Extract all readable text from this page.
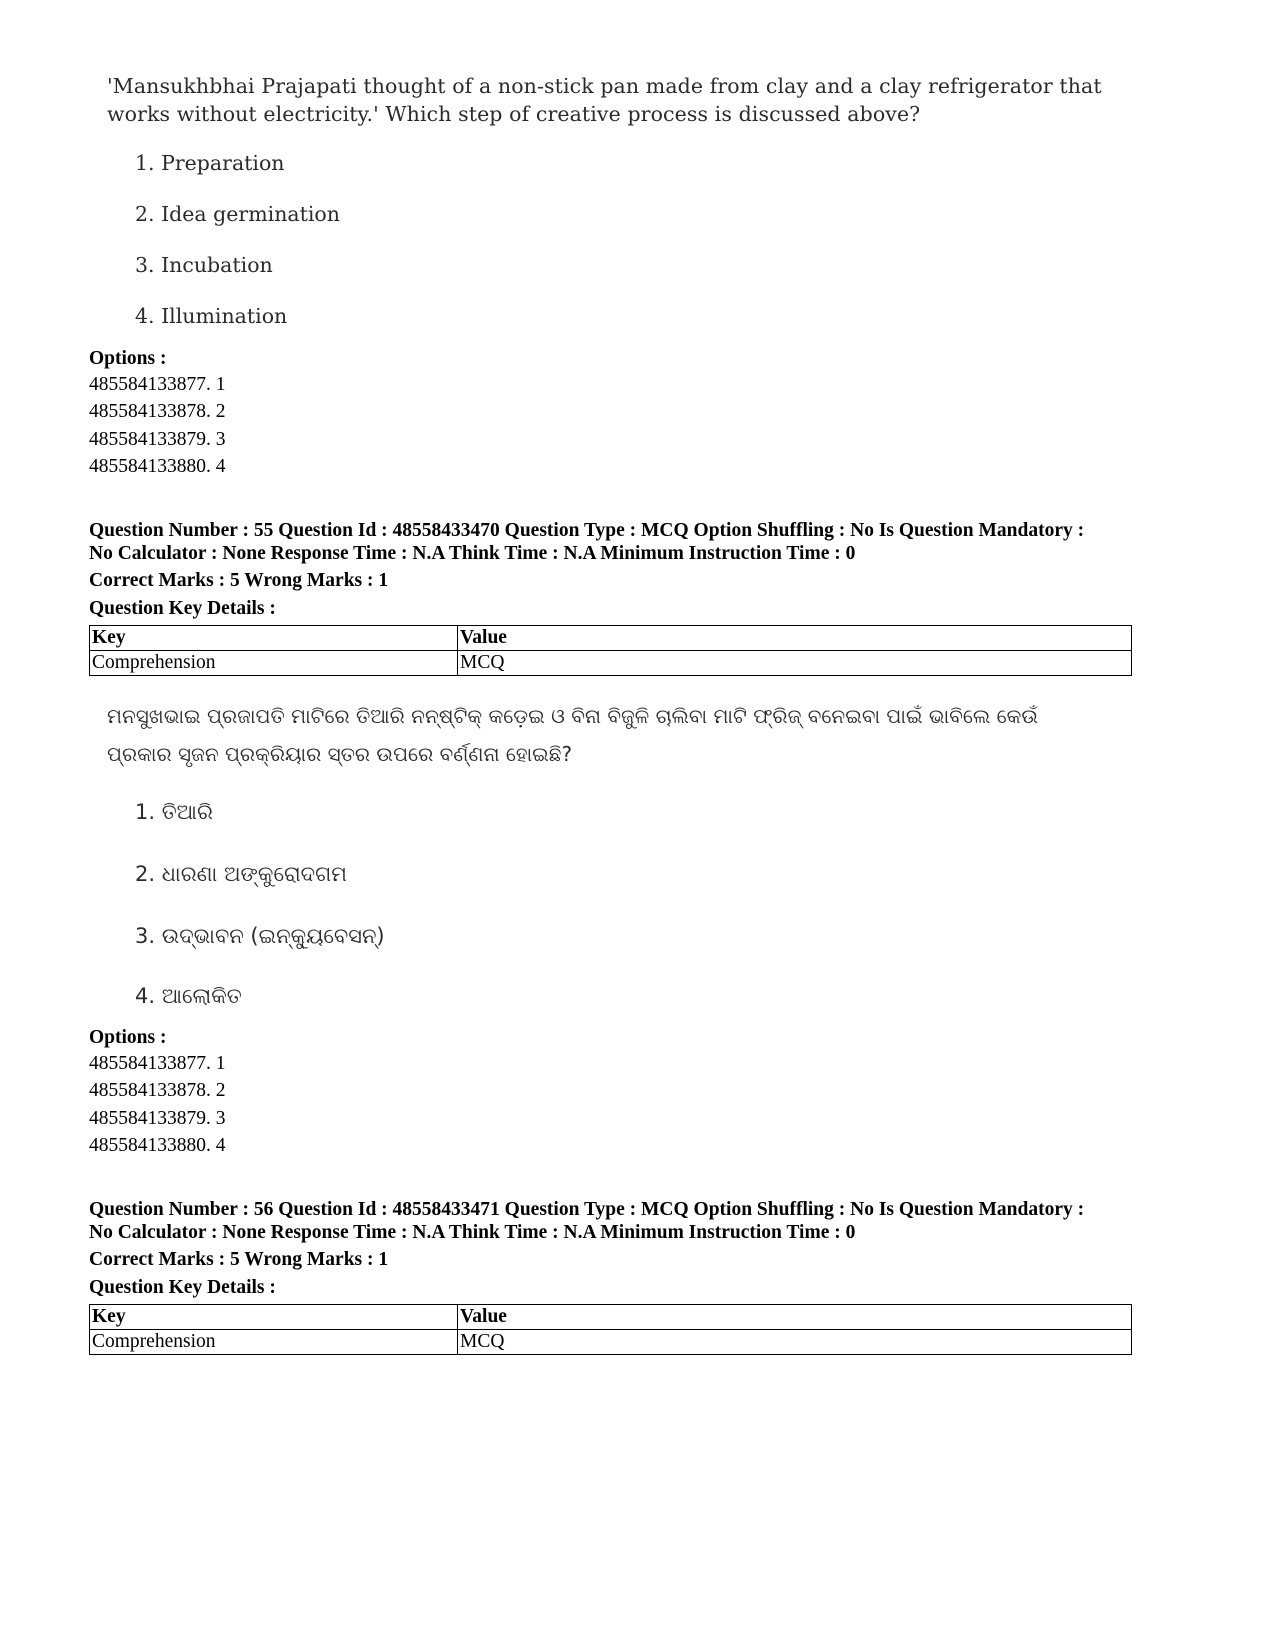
'Mansukhbhai Prajapati thought of a non-stick pan made from clay and a clay refrigerator that works without electricity.' Which step of creative process is discussed above?
1. Preparation
2. Idea germination
3. Incubation
4. Illumination
Options :
485584133877. 1
485584133878. 2
485584133879. 3
485584133880. 4
Question Number : 55 Question Id : 48558433470 Question Type : MCQ Option Shuffling : No Is Question Mandatory :
No Calculator : None Response Time : N.A Think Time : N.A Minimum Instruction Time : 0
Correct Marks : 5 Wrong Marks : 1
Question Key Details :
Key	Value
Comprehension	MCQ
ମନସୁଖଭାଇ ପ୍ରଜାପତି ମାଟିରେ ତିଆରି ନନ୍‌ଷ୍ଟିକ୍ କଡ଼େଇ ଓ ବିନା ବିଜୁଳି ଚାଲିବା ମାଟି ଫ୍ରିଜ୍ ବନେଇବା ପାଇଁ ଭାବିଲେ କେଉଁ ପ୍ରକାର ସୃଜନ ପ୍ରକ୍ରିୟାର ସ୍ତର ଉପରେ ବର୍ଣ୍ଣନା ହୋଇଛି?
1. ତିଆରି
2. ଧାରଣା ଅଙ୍କୁରୋଦଗମ
3. ଉଦ୍‌ଭାବନ (ଇନ୍‌କ୍ୟୁବେସନ୍)
4. ଆଲୋକିତ
Options :
485584133877. 1
485584133878. 2
485584133879. 3
485584133880. 4
Question Number : 56 Question Id : 48558433471 Question Type : MCQ Option Shuffling : No Is Question Mandatory :
No Calculator : None Response Time : N.A Think Time : N.A Minimum Instruction Time : 0
Correct Marks : 5 Wrong Marks : 1
Question Key Details :
Key	Value
Comprehension	MCQ
